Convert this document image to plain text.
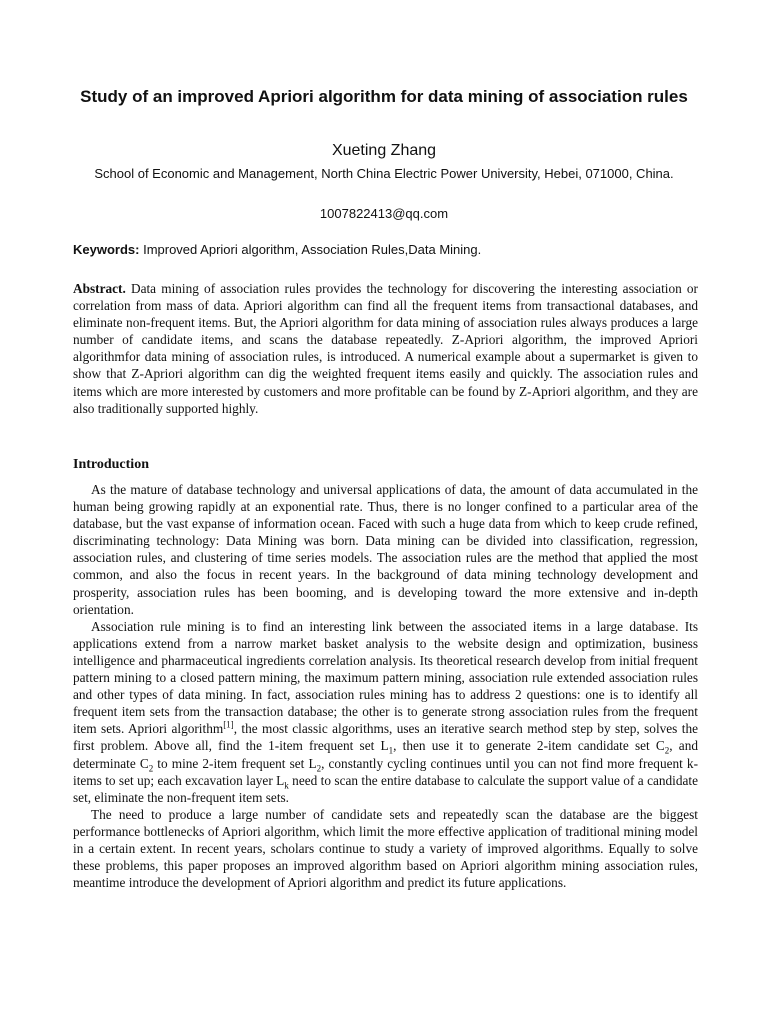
Study of an improved Apriori algorithm for data mining of association rules
Xueting Zhang
School of Economic and Management, North China Electric Power University, Hebei, 071000, China.
1007822413@qq.com
Keywords: Improved Apriori algorithm, Association Rules,Data Mining.
Abstract. Data mining of association rules provides the technology for discovering the interesting association or correlation from mass of data. Apriori algorithm can find all the frequent items from transactional databases, and eliminate non-frequent items. But, the Apriori algorithm for data mining of association rules always produces a large number of candidate items, and scans the database repeatedly. Z-Apriori algorithm, the improved Apriori algorithmfor data mining of association rules, is introduced. A numerical example about a supermarket is given to show that Z-Apriori algorithm can dig the weighted frequent items easily and quickly. The association rules and items which are more interested by customers and more profitable can be found by Z-Apriori algorithm, and they are also traditionally supported highly.
Introduction

As the mature of database technology and universal applications of data, the amount of data accumulated in the human being growing rapidly at an exponential rate. Thus, there is no longer confined to a particular area of the database, but the vast expanse of information ocean. Faced with such a huge data from which to keep crude refined, discriminating technology: Data Mining was born. Data mining can be divided into classification, regression, association rules, and clustering of time series models. The association rules are the method that applied the most common, and also the focus in recent years. In the background of data mining technology development and prosperity, association rules has been booming, and is developing toward the more extensive and in-depth orientation.

Association rule mining is to find an interesting link between the associated items in a large database. Its applications extend from a narrow market basket analysis to the website design and optimization, business intelligence and pharmaceutical ingredients correlation analysis. Its theoretical research develop from initial frequent pattern mining to a closed pattern mining, the maximum pattern mining, association rule extended association rules and other types of data mining. In fact, association rules mining has to address 2 questions: one is to identify all frequent item sets from the transaction database; the other is to generate strong association rules from the frequent item sets. Apriori algorithm[1], the most classic algorithms, uses an iterative search method step by step, solves the first problem. Above all, find the 1-item frequent set $L_1$, then use it to generate 2-item candidate set $C_2$, and determinate $C_2$ to mine 2-item frequent set $L_2$, constantly cycling continues until you can not find more frequent k-items to set up; each excavation layer $L_k$ need to scan the entire database to calculate the support value of a candidate set, eliminate the non-frequent item sets.

The need to produce a large number of candidate sets and repeatedly scan the database are the biggest performance bottlenecks of Apriori algorithm, which limit the more effective application of traditional mining model in a certain extent. In recent years, scholars continue to study a variety of improved algorithms. Equally to solve these problems, this paper proposes an improved algorithm based on Apriori algorithm mining association rules, meantime introduce the development of Apriori algorithm and predict its future applications.
